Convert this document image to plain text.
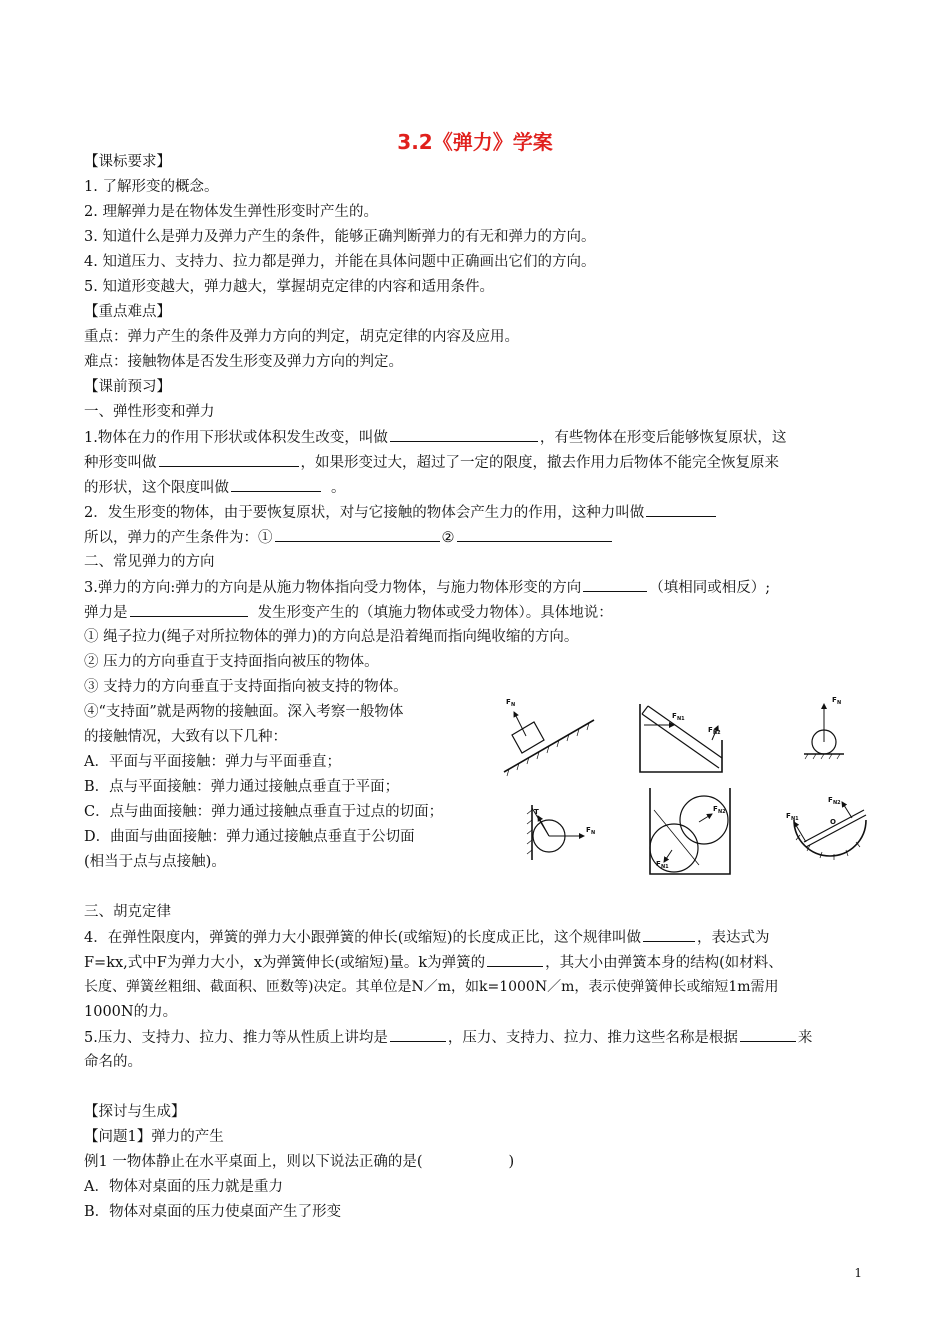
3.2《弹力》学案
【课标要求】
1. 了解形变的概念。
2. 理解弹力是在物体发生弹性形变时产生的。
3. 知道什么是弹力及弹力产生的条件，能够正确判断弹力的有无和弹力的方向。
4. 知道压力、支持力、拉力都是弹力，并能在具体问题中正确画出它们的方向。
5. 知道形变越大，弹力越大，掌握胡克定律的内容和适用条件。
【重点难点】
重点：弹力产生的条件及弹力方向的判定，胡克定律的内容及应用。
难点：接触物体是否发生形变及弹力方向的判定。
【课前预习】
一、弹性形变和弹力
1.物体在力的作用下形状或体积发生改变，叫做	，有些物体在形变后能够恢复原状，这
种形变叫做	，如果形变过大，超过了一定的限度，撤去作用力后物体不能完全恢复原来
的形状，这个限度叫做	。
2．发生形变的物体，由于要恢复原状，对与它接触的物体会产生力的作用，这种力叫做
所以，弹力的产生条件为：①	②
二、常见弹力的方向
3.弹力的方向:弹力的方向是从施力物体指向受力物体，与施力物体形变的方向	（填相同或相反）;
弹力是	发生形变产生的（填施力物体或受力物体）。具体地说：
① 绳子拉力(绳子对所拉物体的弹力)的方向总是沿着绳而指向绳收缩的方向。
② 压力的方向垂直于支持面指向被压的物体。
③ 支持力的方向垂直于支持面指向被支持的物体。
④“支持面”就是两物的接触面。深入考察一般物体
的接触情况，大致有以下几种：
A．平面与平面接触：弹力与平面垂直；
B．点与平面接触：弹力通过接触点垂直于平面；
C．点与曲面接触：弹力通过接触点垂直于过点的切面；
D．曲面与曲面接触：弹力通过接触点垂直于公切面
(相当于点与点接触)。
F N
F N1
F N2
F N
T
F N
F N1
F N2	F N1
F N2
O
三、胡克定律
4．在弹性限度内，弹簧的弹力大小跟弹簧的伸长(或缩短)的长度成正比，这个规律叫做	，表达式为
F=kx,式中F为弹力大小，x为弹簧伸长(或缩短)量。k为弹簧的	，其大小由弹簧本身的结构(如材料、
长度、弹簧丝粗细、截面积、匝数等)决定。其单位是N／m，如k=1000N／m，表示使弹簧伸长或缩短1m需用
1000N的力。
5.压力、支持力、拉力、推力等从性质上讲均是	，压力、支持力、拉力、推力这些名称是根据	来
命名的。
【探讨与生成】
【问题1】弹力的产生
例1 一物体静止在水平桌面上，则以下说法正确的是(	)
A．物体对桌面的压力就是重力
B．物体对桌面的压力使桌面产生了形变
1
